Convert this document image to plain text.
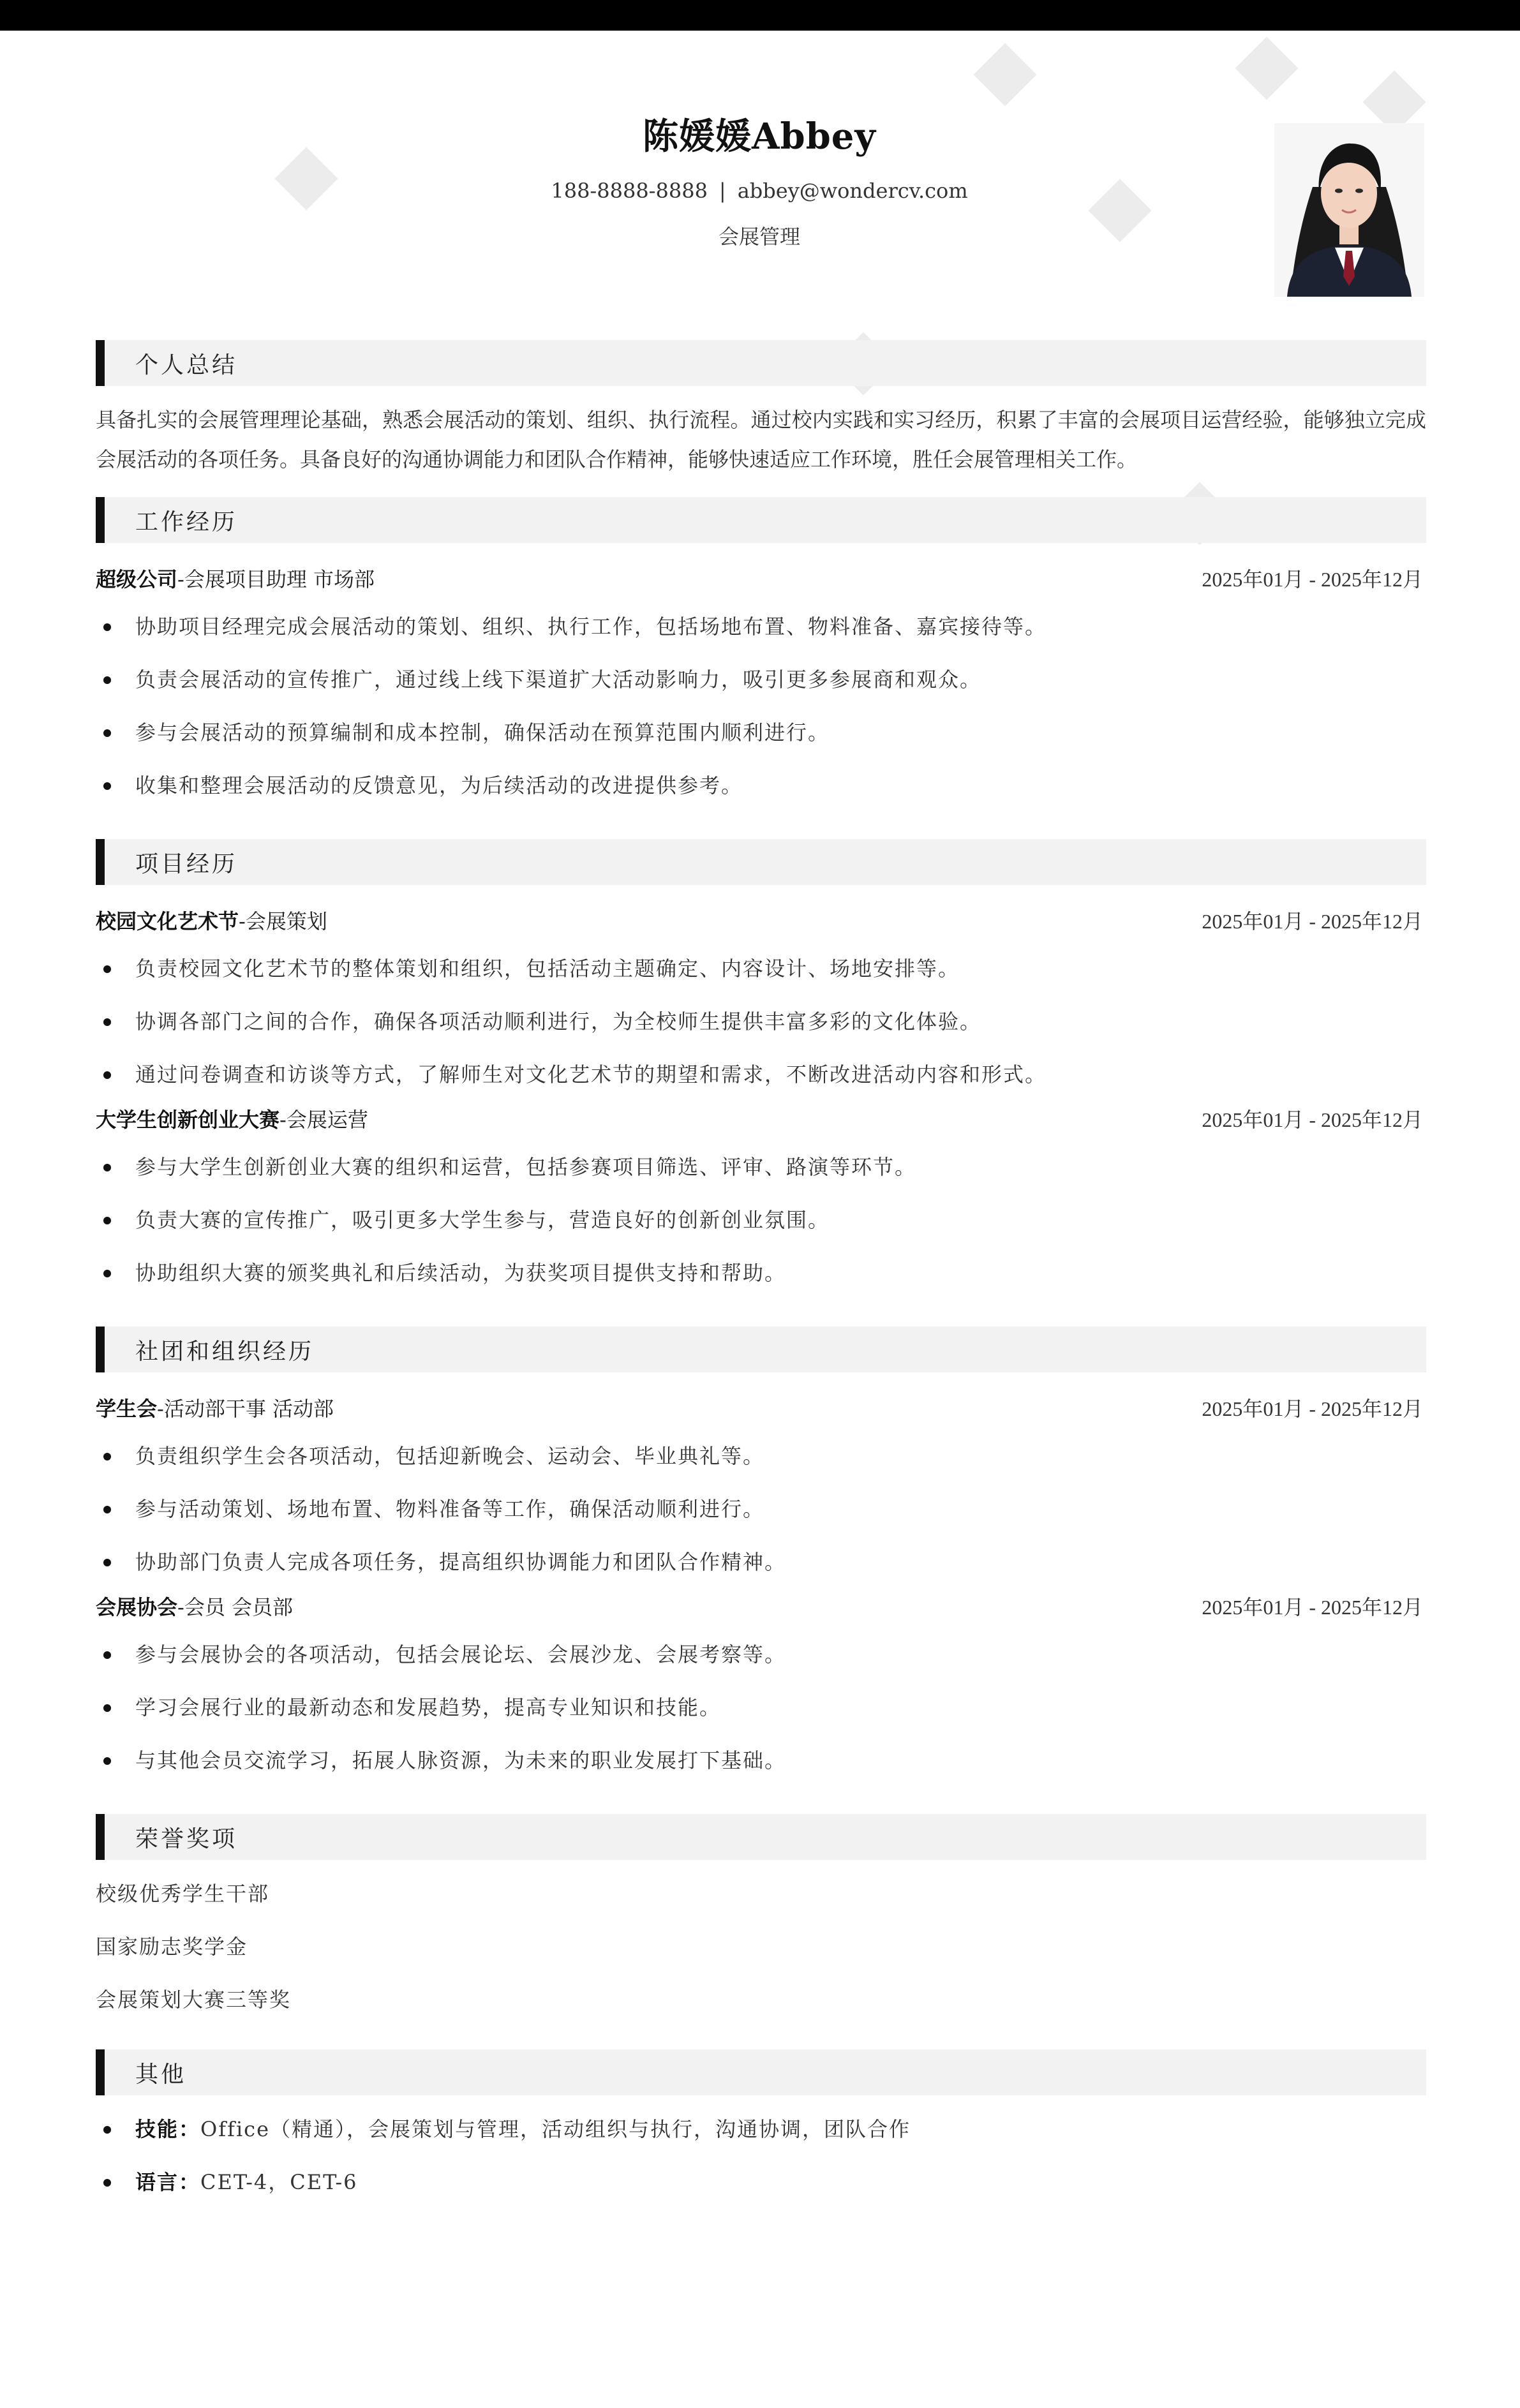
陈媛媛Abbey
188-8888-8888 | abbey@wondercv.com
会展管理
个人总结

具备扎实的会展管理理论基础，熟悉会展活动的策划、组织、执行流程。通过校内实践和实习经历，积累了丰富的会展项目运营经验，能够独立完成会展活动的各项任务。具备良好的沟通协调能力和团队合作精神，能够快速适应工作环境，胜任会展管理相关工作。

工作经历
超级公司-会展项目助理 市场部	2025年01月 - 2025年12月
协助项目经理完成会展活动的策划、组织、执行工作，包括场地布置、物料准备、嘉宾接待等。
负责会展活动的宣传推广，通过线上线下渠道扩大活动影响力，吸引更多参展商和观众。
参与会展活动的预算编制和成本控制，确保活动在预算范围内顺利进行。
收集和整理会展活动的反馈意见，为后续活动的改进提供参考。
项目经历
校园文化艺术节-会展策划	2025年01月 - 2025年12月
负责校园文化艺术节的整体策划和组织，包括活动主题确定、内容设计、场地安排等。
协调各部门之间的合作，确保各项活动顺利进行，为全校师生提供丰富多彩的文化体验。
通过问卷调查和访谈等方式，了解师生对文化艺术节的期望和需求，不断改进活动内容和形式。
大学生创新创业大赛-会展运营	2025年01月 - 2025年12月
参与大学生创新创业大赛的组织和运营，包括参赛项目筛选、评审、路演等环节。
负责大赛的宣传推广，吸引更多大学生参与，营造良好的创新创业氛围。
协助组织大赛的颁奖典礼和后续活动，为获奖项目提供支持和帮助。
社团和组织经历
学生会-活动部干事 活动部	2025年01月 - 2025年12月
负责组织学生会各项活动，包括迎新晚会、运动会、毕业典礼等。
参与活动策划、场地布置、物料准备等工作，确保活动顺利进行。
协助部门负责人完成各项任务，提高组织协调能力和团队合作精神。
会展协会-会员 会员部	2025年01月 - 2025年12月
参与会展协会的各项活动，包括会展论坛、会展沙龙、会展考察等。
学习会展行业的最新动态和发展趋势，提高专业知识和技能。
与其他会员交流学习，拓展人脉资源，为未来的职业发展打下基础。
荣誉奖项
校级优秀学生干部
国家励志奖学金
会展策划大赛三等奖
其他
技能：Office（精通），会展策划与管理，活动组织与执行，沟通协调，团队合作
语言：CET-4，CET-6
